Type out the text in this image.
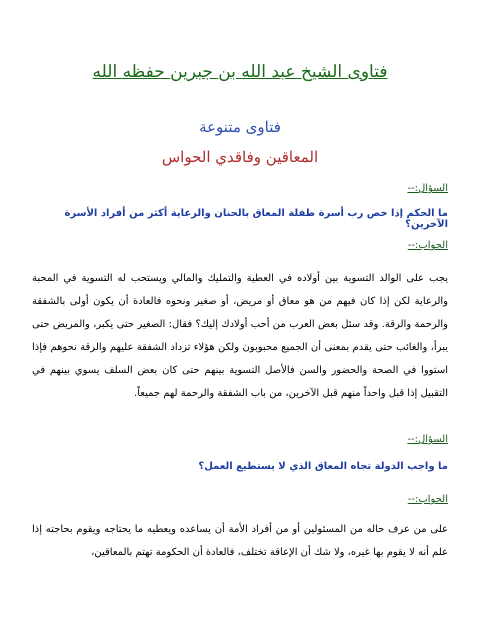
فتاوى الشيخ عبد الله بن جبرين حفظه الله
فتاوى متنوعة
المعاقين وفاقدي الحواس
السؤال:--
ما الحكم إذا خص رب أسرة طفلة المعاق بالحنان والرعاية أكثر من أفراد الأسرة الآخرين؟
الجواب:--
يجب على الوالد التسوية بين أولاده في العطية والتمليك والمالي ويستحب له التسوية في المحبة والرعاية لكن إذا كان فيهم من هو معاق أو مريض، أو صغير ونحوه فالعادة أن يكون أولى بالشفقة والرحمة والرقة. وقد سئل بعض العرب من أحب أولادك إليك؟ فقال: الصغير حتى يكبر، والمريض حتى يبرأ، والغائب حتى يقدم بمعنى أن الجميع محبوبون ولكن هؤلاء تزداد الشفقة عليهم والرقة نحوهم فإذا استووا في الصحة والحضور والسن فالأصل التسوية بينهم حتى كان بعض السلف يسوي بينهم في التقبيل إذا قبل واحداً منهم قبل الآخرين، من باب الشفقة والرحمة لهم جميعاً.
السؤال:--
ما واجب الدولة تجاه المعاق الذي لا يستطيع العمل؟
الجواب:--
على من عرف حاله من المسئولين أو من أفراد الأمة أن يساعده ويعطيه ما يحتاجه ويقوم بحاجته إذا علم أنه لا يقوم بها غيره، ولا شك أن الإعاقة تختلف، فالعادة أن الحكومة تهتم بالمعاقين،
